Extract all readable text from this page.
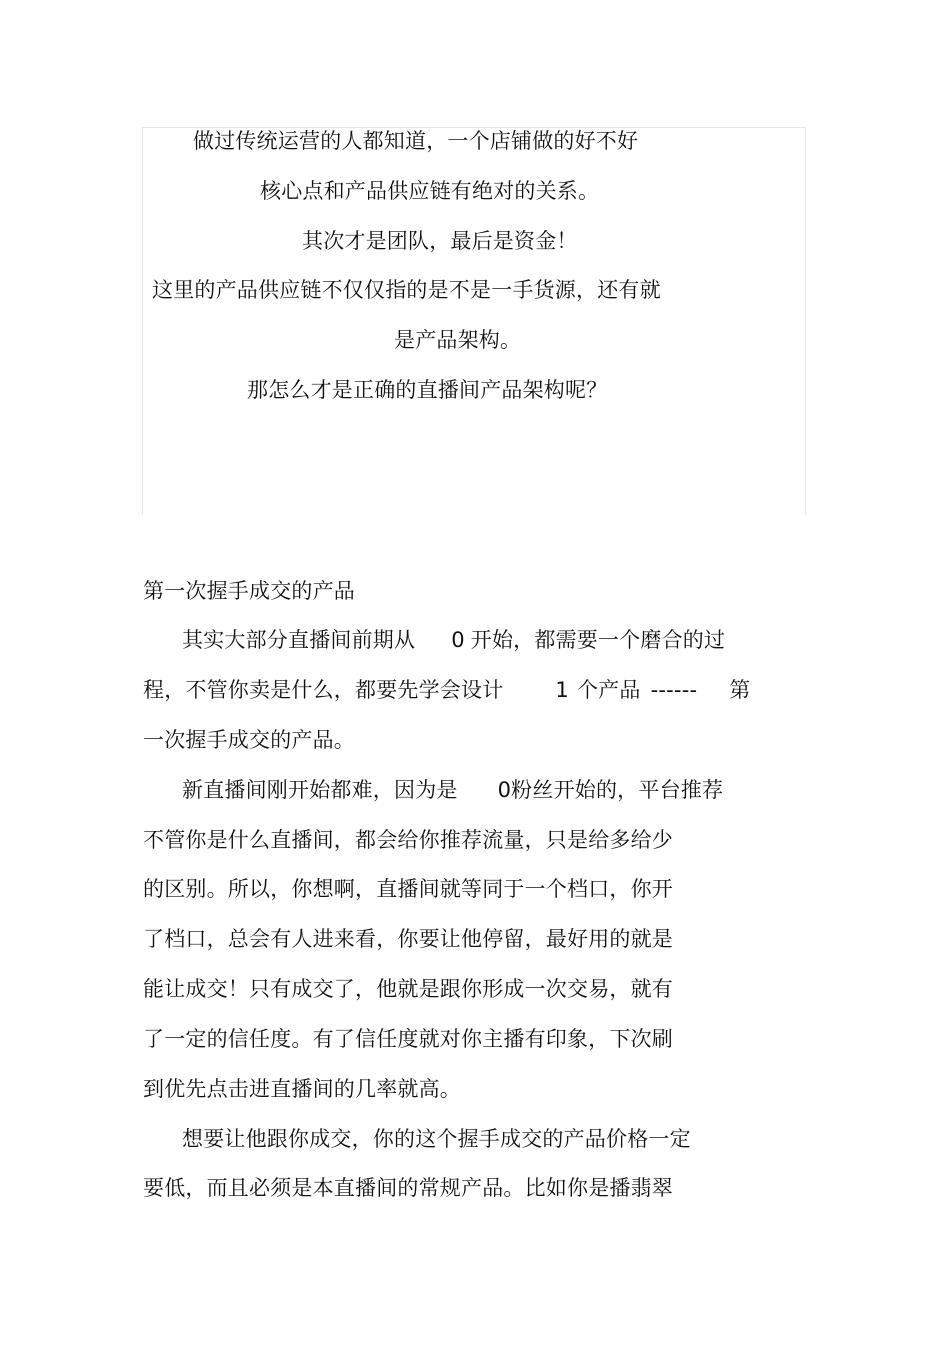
做过传统运营的人都知道，一个店铺做的好不好
核心点和产品供应链有绝对的关系。
其次才是团队，最后是资金！
这里的产品供应链不仅仅指的是不是一手货源，还有就
是产品架构。
那怎么才是正确的直播间产品架构呢？
第一次握手成交的产品
其实大部分直播间前期从 0 开始，都需要一个磨合的过
程，不管你卖是什么，都要先学会设计 1 个产品 ------ 第
一次握手成交的产品。
新直播间刚开始都难，因为是 0粉丝开始的，平台推荐
不管你是什么直播间，都会给你推荐流量，只是给多给少
的区别。所以，你想啊，直播间就等同于一个档口，你开
了档口，总会有人进来看，你要让他停留，最好用的就是
能让成交！只有成交了，他就是跟你形成一次交易，就有
了一定的信任度。有了信任度就对你主播有印象，下次刷
到优先点击进直播间的几率就高。
想要让他跟你成交，你的这个握手成交的产品价格一定
要低，而且必须是本直播间的常规产品。比如你是播翡翠
